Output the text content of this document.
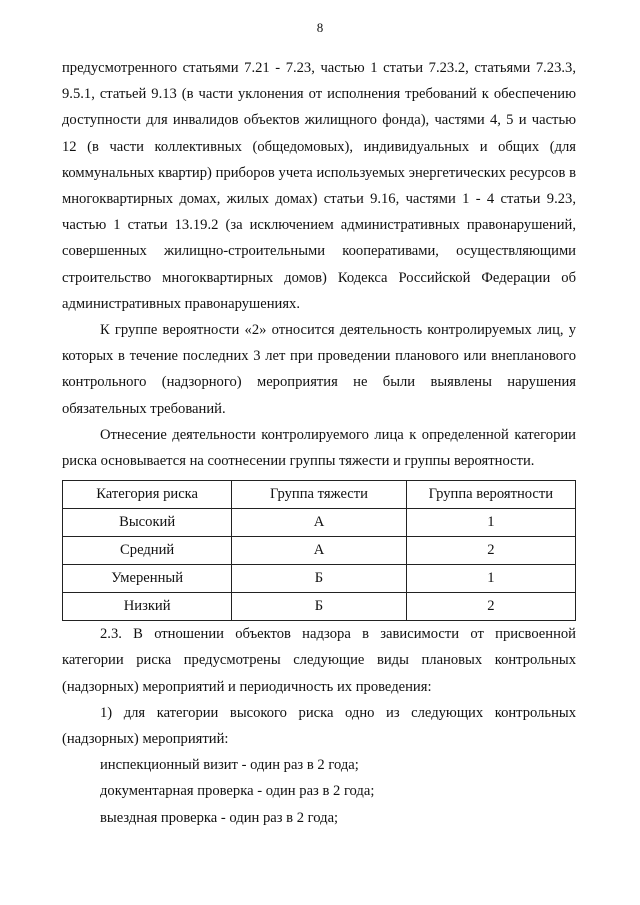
8

предусмотренного статьями 7.21 - 7.23, частью 1 статьи 7.23.2, статьями 7.23.3, 9.5.1, статьей 9.13 (в части уклонения от исполнения требований к обеспечению доступности для инвалидов объектов жилищного фонда), частями 4, 5 и частью 12 (в части коллективных (общедомовых), индивидуальных и общих (для коммунальных квартир) приборов учета используемых энергетических ресурсов в многоквартирных домах, жилых домах) статьи 9.16, частями 1 - 4 статьи 9.23, частью 1 статьи 13.19.2 (за исключением административных правонарушений, совершенных жилищно-строительными кооперативами, осуществляющими строительство многоквартирных домов) Кодекса Российской Федерации об административных правонарушениях.

К группе вероятности «2» относится деятельность контролируемых лиц, у которых в течение последних 3 лет при проведении планового или внепланового контрольного (надзорного) мероприятия не были выявлены нарушения обязательных требований.

Отнесение деятельности контролируемого лица к определенной категории риска основывается на соотнесении группы тяжести и группы вероятности.

Категория риска	Группа тяжести	Группа вероятности
Высокий	А	1
Средний	А	2
Умеренный	Б	1
Низкий	Б	2

2.3. В отношении объектов надзора в зависимости от присвоенной категории риска предусмотрены следующие виды плановых контрольных (надзорных) мероприятий и периодичность их проведения:

1) для категории высокого риска одно из следующих контрольных (надзорных) мероприятий:

инспекционный визит - один раз в 2 года;

документарная проверка - один раз в 2 года;

выездная проверка - один раз в 2 года;
